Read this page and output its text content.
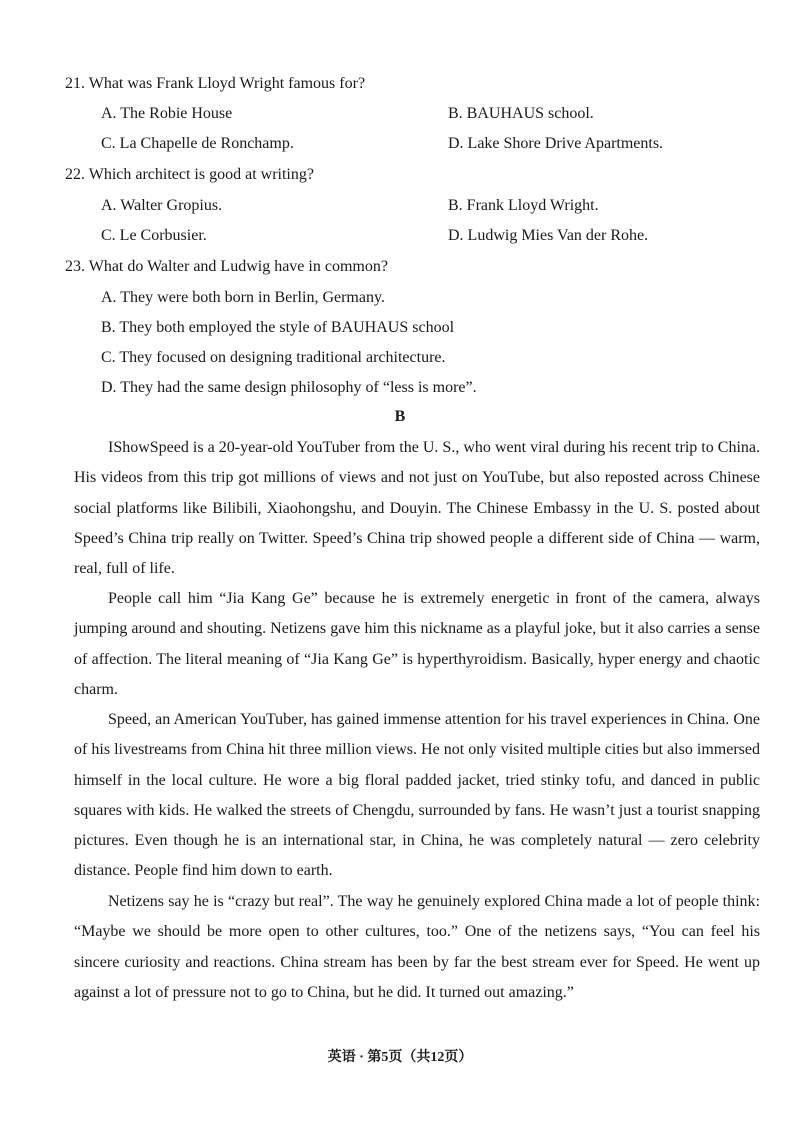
21. What was Frank Lloyd Wright famous for?
A. The Robie House	B. BAUHAUS school.
C. La Chapelle de Ronchamp.	D. Lake Shore Drive Apartments.
22. Which architect is good at writing?
A. Walter Gropius.	B. Frank Lloyd Wright.
C. Le Corbusier.	D. Ludwig Mies Van der Rohe.
23. What do Walter and Ludwig have in common?
A. They were both born in Berlin, Germany.
B. They both employed the style of BAUHAUS school
C. They focused on designing traditional architecture.
D. They had the same design philosophy of “less is more”.
B

IShowSpeed is a 20-year-old YouTuber from the U. S., who went viral during his recent trip to China. His videos from this trip got millions of views and not just on YouTube, but also reposted across Chinese social platforms like Bilibili, Xiaohongshu, and Douyin. The Chinese Embassy in the U. S. posted about Speed’s China trip really on Twitter. Speed’s China trip showed people a different side of China — warm, real, full of life.

People call him “Jia Kang Ge” because he is extremely energetic in front of the camera, always jumping around and shouting. Netizens gave him this nickname as a playful joke, but it also carries a sense of affection. The literal meaning of “Jia Kang Ge” is hyperthyroidism. Basically, hyper energy and chaotic charm.

Speed, an American YouTuber, has gained immense attention for his travel experiences in China. One of his livestreams from China hit three million views. He not only visited multiple cities but also immersed himself in the local culture. He wore a big floral padded jacket, tried stinky tofu, and danced in public squares with kids. He walked the streets of Chengdu, surrounded by fans. He wasn’t just a tourist snapping pictures. Even though he is an international star, in China, he was completely natural — zero celebrity distance. People find him down to earth.

Netizens say he is “crazy but real”. The way he genuinely explored China made a lot of people think: “Maybe we should be more open to other cultures, too.” One of the netizens says, “You can feel his sincere curiosity and reactions. China stream has been by far the best stream ever for Speed. He went up against a lot of pressure not to go to China, but he did. It turned out amazing.”

英语 · 第5页（共12页）
